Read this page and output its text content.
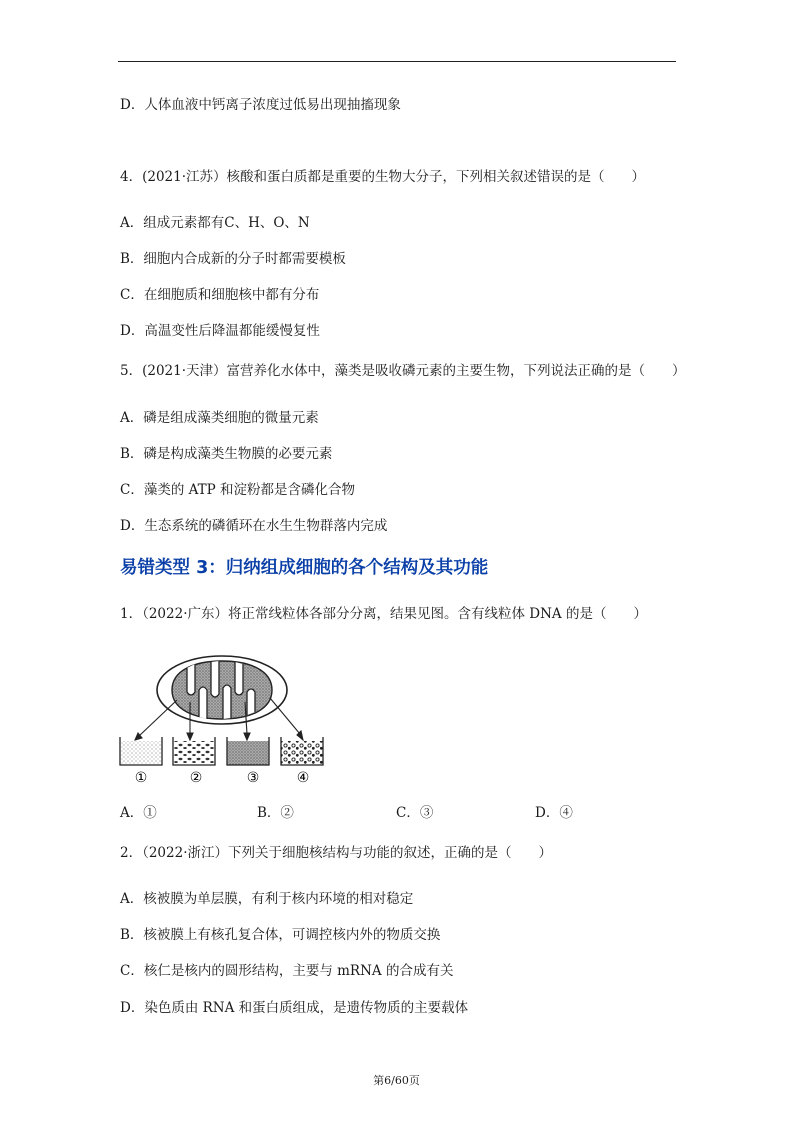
D．人体血液中钙离子浓度过低易出现抽搐现象
4．(2021·江苏）核酸和蛋白质都是重要的生物大分子，下列相关叙述错误的是（　　）
A．组成元素都有C、H、O、N
B．细胞内合成新的分子时都需要模板
C．在细胞质和细胞核中都有分布
D．高温变性后降温都能缓慢复性
5．(2021·天津）富营养化水体中，藻类是吸收磷元素的主要生物，下列说法正确的是（　　）
A．磷是组成藻类细胞的微量元素
B．磷是构成藻类生物膜的必要元素
C．藻类的 ATP 和淀粉都是含磷化合物
D．生态系统的磷循环在水生生物群落内完成
易错类型 3：归纳组成细胞的各个结构及其功能
1．（2022·广东）将正常线粒体各部分分离，结果见图。含有线粒体 DNA 的是（　　）
①	②	③	④
A．①	B．②	C．③	D．④
2．（2022·浙江）下列关于细胞核结构与功能的叙述，正确的是（　　）
A．核被膜为单层膜，有利于核内环境的相对稳定
B．核被膜上有核孔复合体，可调控核内外的物质交换
C．核仁是核内的圆形结构，主要与 mRNA 的合成有关
D．染色质由 RNA 和蛋白质组成，是遗传物质的主要载体
第6/60页
